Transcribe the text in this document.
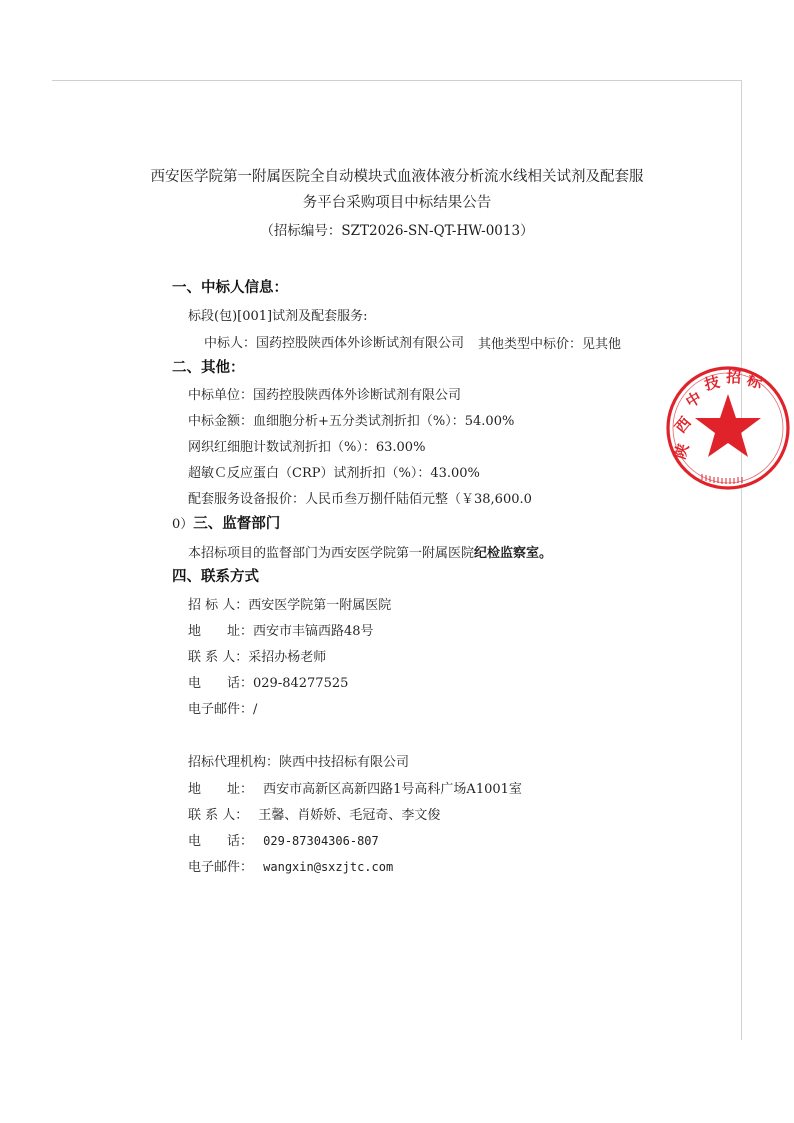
西安医学院第一附属医院全自动模块式血液体液分析流水线相关试剂及配套服
务平台采购项目中标结果公告
（招标编号：SZT2026-SN-QT-HW-0013）
一、中标人信息：
标段(包)[001]试剂及配套服务:
中标人：国药控股陕西体外诊断试剂有限公司 其他类型中标价：见其他
二、其他：
中标单位：国药控股陕西体外诊断试剂有限公司
中标金额：血细胞分析+五分类试剂折扣（%）：54.00%
网织红细胞计数试剂折扣（%）：63.00%
超敏Ｃ反应蛋白（CRP）试剂折扣（%）：43.00%
配套服务设备报价：人民币叁万捌仟陆佰元整（￥38,600.0
0）三、监督部门
本招标项目的监督部门为西安医学院第一附属医院纪检监察室。
四、联系方式
招 标 人：西安医学院第一附属医院
地　　址：西安市丰镐西路48号
联 系 人：采招办杨老师
电　　话：029-84277525
电子邮件：/
招标代理机构：陕西中技招标有限公司
地　　址： 西安市高新区高新四路1号高科广场A1001室
联 系 人： 王馨、肖娇娇、毛冠奇、李文俊
电　　话： 029-87304306-807
电子邮件： wangxin@sxzjtc.com
陕
西
中
技 招 标
